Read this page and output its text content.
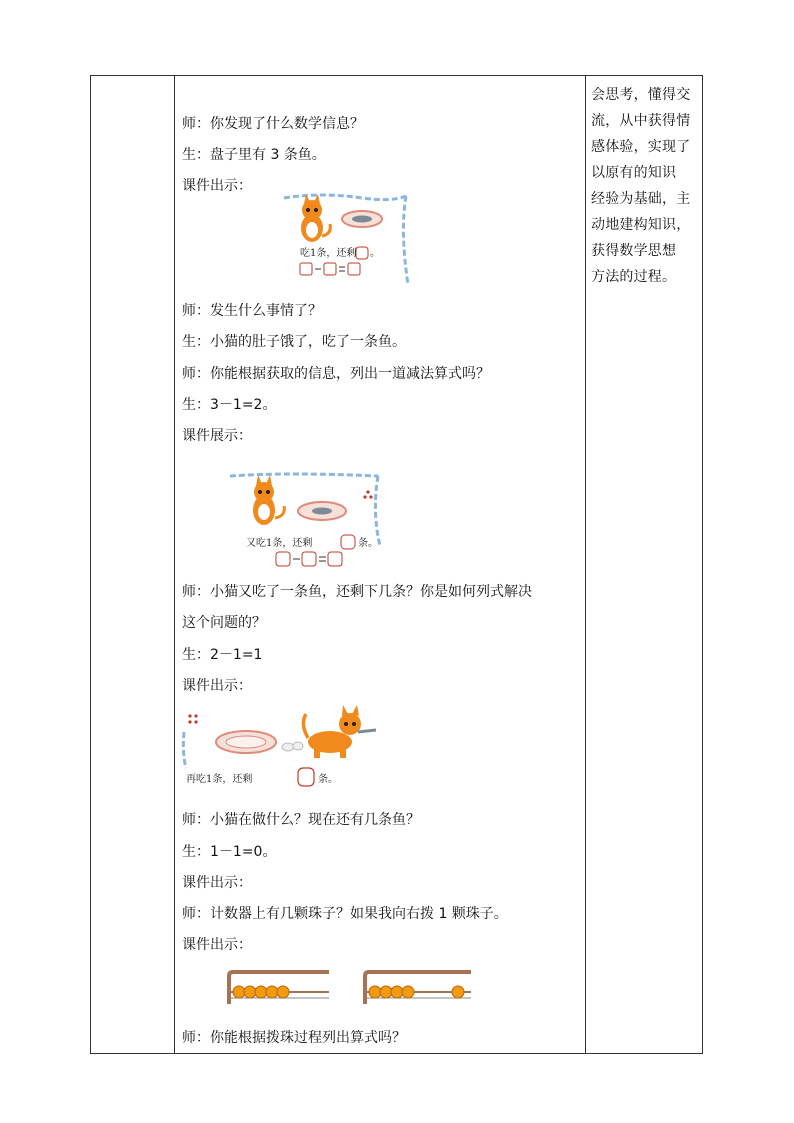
师：你发现了什么数学信息？
生：盘子里有 3 条鱼。
课件出示：
吃1条，还剩 。
师：发生什么事情了？
生：小猫的肚子饿了，吃了一条鱼。
师：你能根据获取的信息，列出一道减法算式吗？
生：3－1=2。
课件展示：
又吃1条，还剩	条。
师：小猫又吃了一条鱼，还剩下几条？你是如何列式解决
这个问题的？
生：2－1=1
课件出示：
再吃1条，还剩	条。
师：小猫在做什么？现在还有几条鱼？
生：1－1=0。
课件出示：
师：计数器上有几颗珠子？如果我向右拨 1 颗珠子。
课件出示：
师：你能根据拨珠过程列出算式吗？
会思考，懂得交
流，从中获得情
感体验，实现了
以原有的知识
经验为基础，主
动地建构知识，
获得数学思想
方法的过程。
